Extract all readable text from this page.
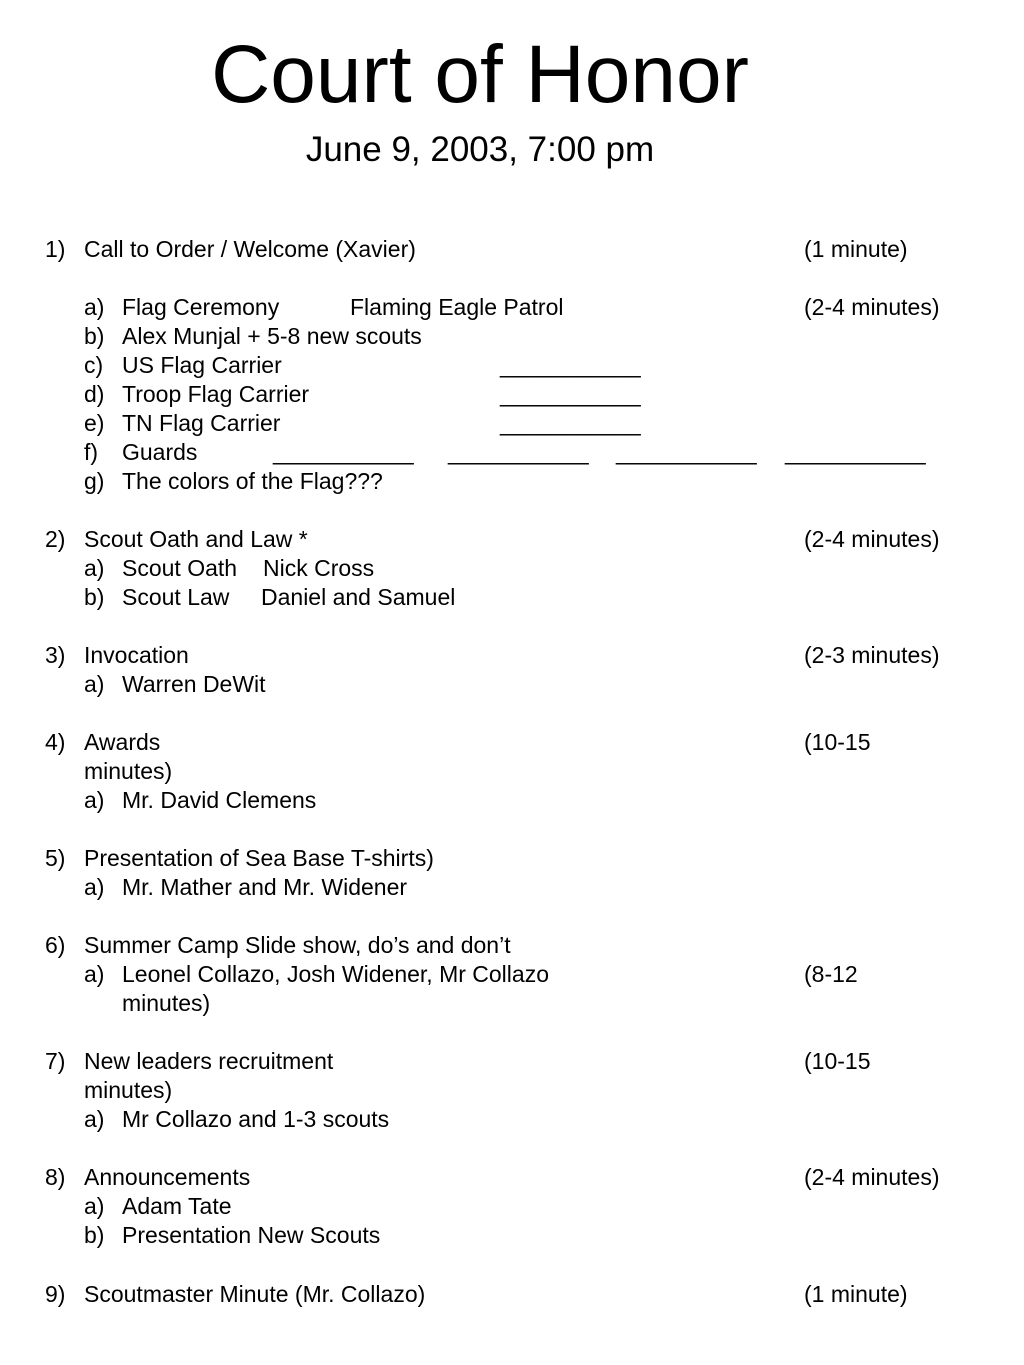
Court of Honor
June 9, 2003, 7:00 pm
1) Call to Order / Welcome (Xavier)	(1 minute)
a) Flag Ceremony	Flaming Eagle Patrol	(2-4 minutes)
b) Alex Munjal + 5-8 new scouts
c) US Flag Carrier	___________
d) Troop Flag Carrier	___________
e) TN Flag Carrier	___________
f) Guards	___________ ___________ ___________ ___________
g) The colors of the Flag???
2) Scout Oath and Law *	(2-4 minutes)
a) Scout Oath Nick Cross
b) Scout Law Daniel and Samuel
3) Invocation	(2-3 minutes)
a) Warren DeWit
4) Awards	(10-15
minutes)
a) Mr. David Clemens
5) Presentation of Sea Base T-shirts)
a) Mr. Mather and Mr. Widener
6) Summer Camp Slide show, do’s and don’t
a) Leonel Collazo, Josh Widener, Mr Collazo	(8-12
minutes)
7) New leaders recruitment	(10-15
minutes)
a) Mr Collazo and 1-3 scouts
8) Announcements	(2-4 minutes)
a) Adam Tate
b) Presentation New Scouts
9) Scoutmaster Minute (Mr. Collazo)	(1 minute)
